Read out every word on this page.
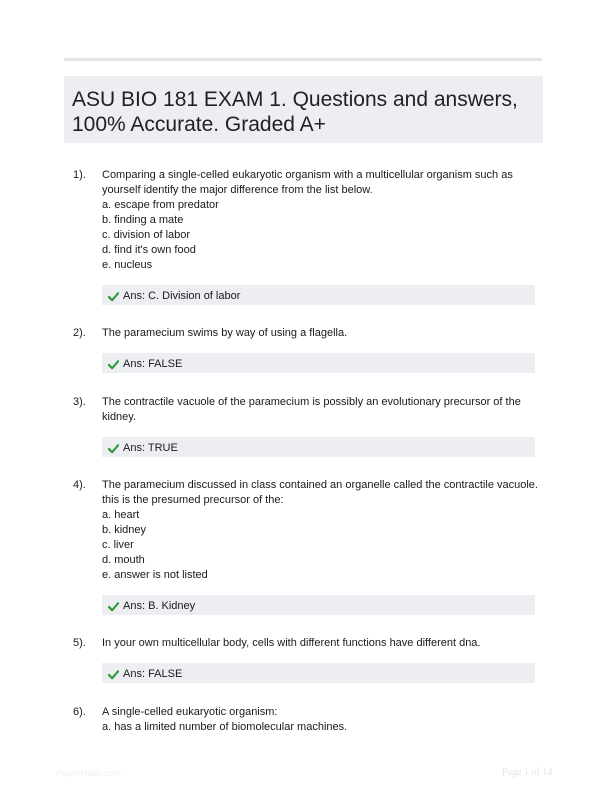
ASU BIO 181 EXAM 1. Questions and answers, 100% Accurate. Graded A+
1). Comparing a single-celled eukaryotic organism with a multicellular organism such as yourself identify the major difference from the list below.
a. escape from predator
b. finding a mate
c. division of labor
d. find it's own food
e. nucleus
Ans: C. Division of labor
2). The paramecium swims by way of using a flagella.
Ans: FALSE
3). The contractile vacuole of the paramecium is possibly an evolutionary precursor of the kidney.
Ans: TRUE
4). The paramecium discussed in class contained an organelle called the contractile vacuole. this is the presumed precursor of the:
a. heart
b. kidney
c. liver
d. mouth
e. answer is not listed
Ans: B. Kidney
5). In your own multicellular body, cells with different functions have different dna.
Ans: FALSE
6). A single-celled eukaryotic organism:
a. has a limited number of biomolecular machines.
PaperMatic.com	Page 1 of 14
